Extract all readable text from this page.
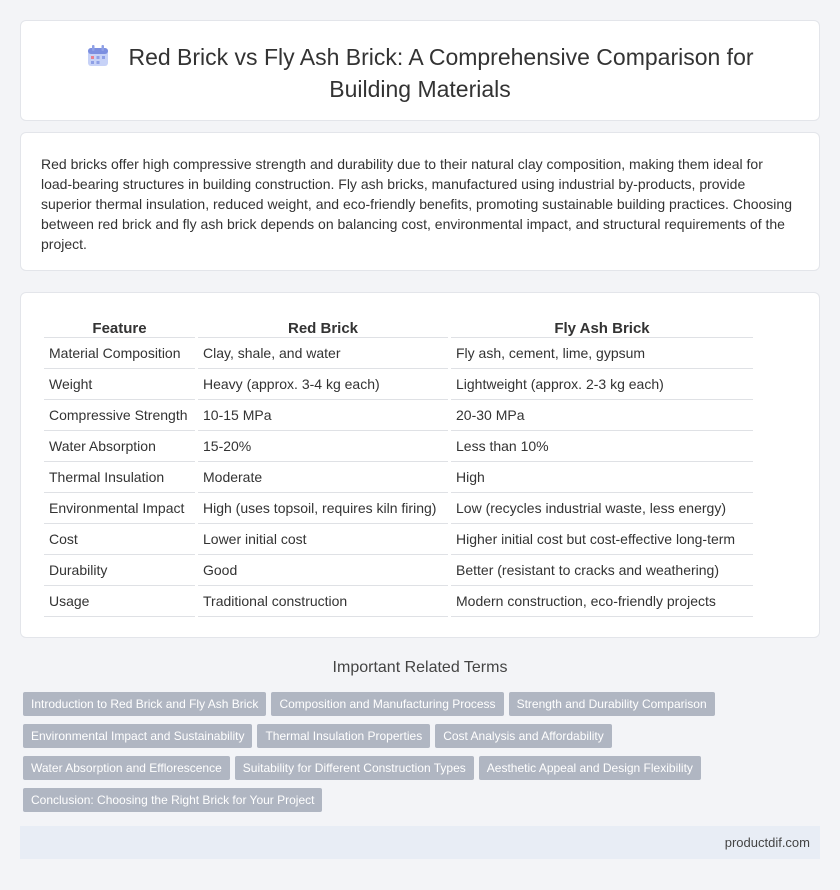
Red Brick vs Fly Ash Brick: A Comprehensive Comparison for Building Materials

Red bricks offer high compressive strength and durability due to their natural clay composition, making them ideal for load-bearing structures in building construction. Fly ash bricks, manufactured using industrial by-products, provide superior thermal insulation, reduced weight, and eco-friendly benefits, promoting sustainable building practices. Choosing between red brick and fly ash brick depends on balancing cost, environmental impact, and structural requirements of the project.

Feature		Red Brick		Fly Ash Brick
Material Composition		Clay, shale, and water		Fly ash, cement, lime, gypsum
Weight		Heavy (approx. 3-4 kg each)		Lightweight (approx. 2-3 kg each)
Compressive Strength		10-15 MPa		20-30 MPa
Water Absorption		15-20%		Less than 10%
Thermal Insulation		Moderate		High
Environmental Impact		High (uses topsoil, requires kiln firing)		Low (recycles industrial waste, less energy)
Cost		Lower initial cost		Higher initial cost but cost-effective long-term
Durability		Good		Better (resistant to cracks and weathering)
Usage		Traditional construction		Modern construction, eco-friendly projects
Important Related Terms
Introduction to Red Brick and Fly Ash Brick Composition and Manufacturing Process Strength and Durability Comparison
Environmental Impact and Sustainability Thermal Insulation Properties Cost Analysis and Affordability
Water Absorption and Efflorescence Suitability for Different Construction Types Aesthetic Appeal and Design Flexibility
Conclusion: Choosing the Right Brick for Your Project
productdif.com
